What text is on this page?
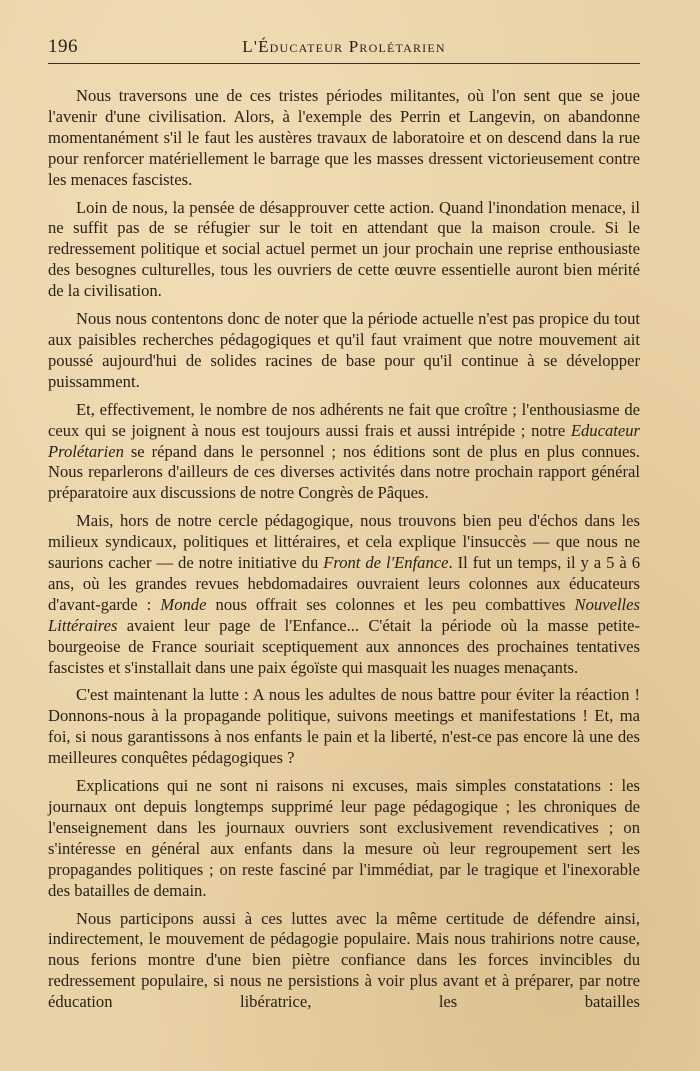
196	L'Éducateur Prolétarien

Nous traversons une de ces tristes périodes militantes, où l'on sent que se joue l'avenir d'une civilisation. Alors, à l'exemple des Perrin et Langevin, on abandonne momentanément s'il le faut les austères travaux de laboratoire et on descend dans la rue pour renforcer matériellement le barrage que les masses dressent victorieusement contre les menaces fascistes.

Loin de nous, la pensée de désapprouver cette action. Quand l'inondation menace, il ne suffit pas de se réfugier sur le toit en attendant que la maison croule. Si le redressement politique et social actuel permet un jour prochain une reprise enthousiaste des besognes culturelles, tous les ouvriers de cette œuvre essentielle auront bien mérité de la civilisation.

Nous nous contentons donc de noter que la période actuelle n'est pas propice du tout aux paisibles recherches pédagogiques et qu'il faut vraiment que notre mouvement ait poussé aujourd'hui de solides racines de base pour qu'il continue à se développer puissamment.

Et, effectivement, le nombre de nos adhérents ne fait que croître ; l'enthousiasme de ceux qui se joignent à nous est toujours aussi frais et aussi intrépide ; notre Educateur Prolétarien se répand dans le personnel ; nos éditions sont de plus en plus connues. Nous reparlerons d'ailleurs de ces diverses activités dans notre prochain rapport général préparatoire aux discussions de notre Congrès de Pâques.

Mais, hors de notre cercle pédagogique, nous trouvons bien peu d'échos dans les milieux syndicaux, politiques et littéraires, et cela explique l'insuccès — que nous ne saurions cacher — de notre initiative du Front de l'Enfance. Il fut un temps, il y a 5 à 6 ans, où les grandes revues hebdomadaires ouvraient leurs colonnes aux éducateurs d'avant-garde : Monde nous offrait ses colonnes et les peu combattives Nouvelles Littéraires avaient leur page de l'Enfance... C'était la période où la masse petite-bourgeoise de France souriait sceptiquement aux annonces des prochaines tentatives fascistes et s'installait dans une paix égoïste qui masquait les nuages menaçants.

C'est maintenant la lutte : A nous les adultes de nous battre pour éviter la réaction ! Donnons-nous à la propagande politique, suivons meetings et manifestations ! Et, ma foi, si nous garantissons à nos enfants le pain et la liberté, n'est-ce pas encore là une des meilleures conquêtes pédagogiques ?

Explications qui ne sont ni raisons ni excuses, mais simples constatations : les journaux ont depuis longtemps supprimé leur page pédagogique ; les chroniques de l'enseignement dans les journaux ouvriers sont exclusivement revendicatives ; on s'intéresse en général aux enfants dans la mesure où leur regroupement sert les propagandes politiques ; on reste fasciné par l'immédiat, par le tragique et l'inexorable des batailles de demain.

Nous participons aussi à ces luttes avec la même certitude de défendre ainsi, indirectement, le mouvement de pédagogie populaire. Mais nous trahirions notre cause, nous ferions montre d'une bien piètre confiance dans les forces invincibles du redressement populaire, si nous ne persistions à voir plus avant et à préparer, par notre éducation libératrice, les batailles
